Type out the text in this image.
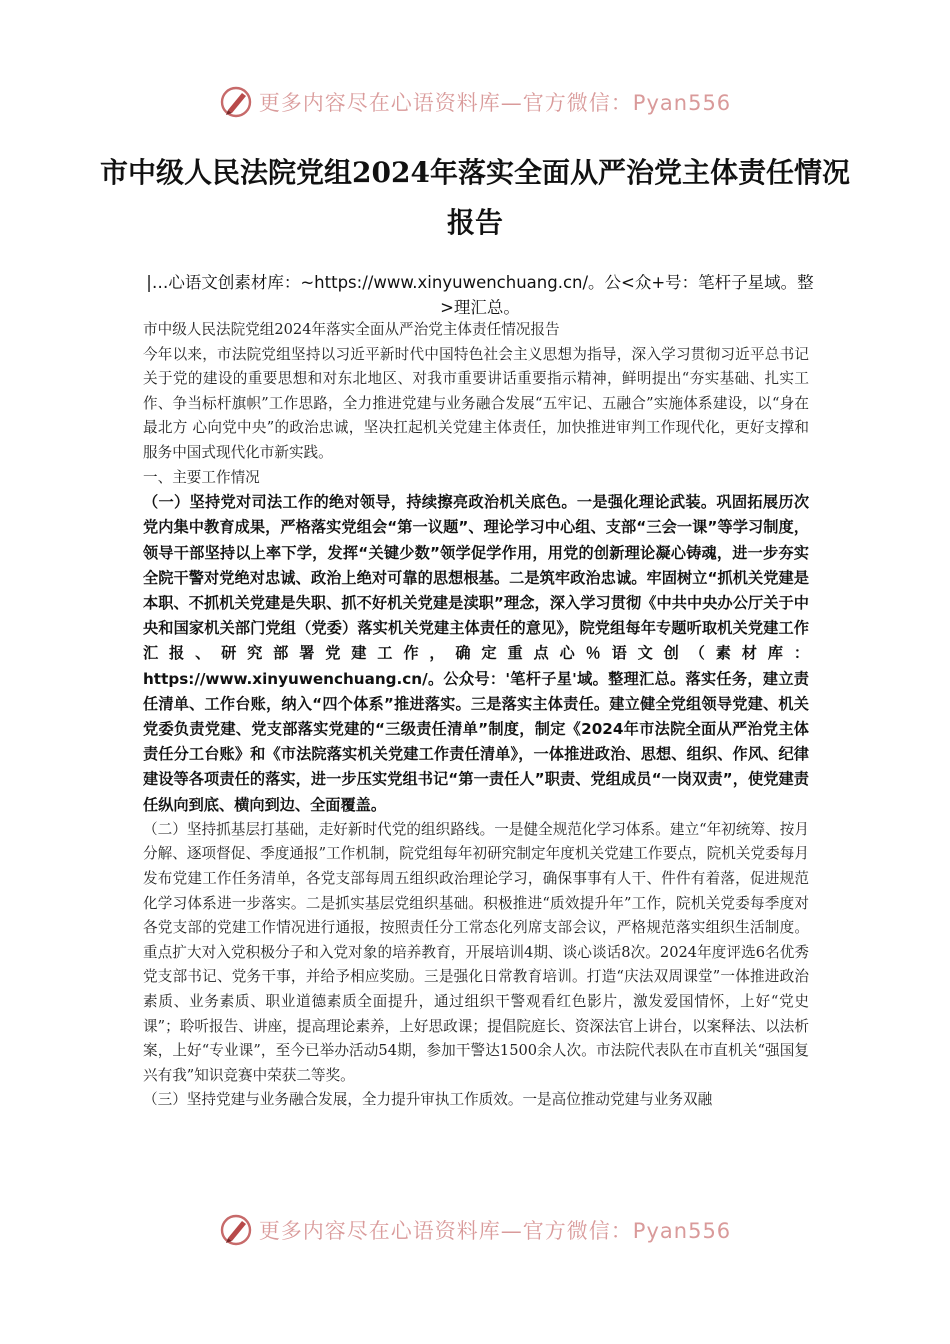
更多内容尽在心语资料库—官方微信：Pyan556
市中级人民法院党组2024年落实全面从严治党主体责任情况报告
|…心语文创素材库：~https://www.xinyuwenchuang.cn/。公<众+号：笔杆子星域。整>理汇总。

市中级人民法院党组2024年落实全面从严治党主体责任情况报告

今年以来，市法院党组坚持以习近平新时代中国特色社会主义思想为指导，深入学习贯彻习近平总书记关于党的建设的重要思想和对东北地区、对我市重要讲话重要指示精神，鲜明提出“夯实基础、扎实工作、争当标杆旗帜”工作思路，全力推进党建与业务融合发展“五牢记、五融合”实施体系建设，以“身在最北方 心向党中央”的政治忠诚，坚决扛起机关党建主体责任，加快推进审判工作现代化，更好支撑和服务中国式现代化市新实践。

一、主要工作情况

（一）坚持党对司法工作的绝对领导，持续擦亮政治机关底色。一是强化理论武装。巩固拓展历次党内集中教育成果，严格落实党组会“第一议题”、理论学习中心组、支部“三会一课”等学习制度，领导干部坚持以上率下学，发挥“关键少数”领学促学作用，用党的创新理论凝心铸魂，进一步夯实全院干警对党绝对忠诚、政治上绝对可靠的思想根基。二是筑牢政治忠诚。牢固树立“抓机关党建是本职、不抓机关党建是失职、抓不好机关党建是渎职”理念，深入学习贯彻《中共中央办公厅关于中央和国家机关部门党组（党委）落实机关党建主体责任的意见》，院党组每年专题听取机关党建工作汇报、研究部署党建工作，确定重点心％语文创（素材库：https://www.xinyuwenchuang.cn/。公众号：'笔杆子星'域。整理汇总。落实任务，建立责任清单、工作台账，纳入“四个体系”推进落实。三是落实主体责任。建立健全党组领导党建、机关党委负责党建、党支部落实党建的“三级责任清单”制度，制定《2024年市法院全面从严治党主体责任分工台账》和《市法院落实机关党建工作责任清单》，一体推进政治、思想、组织、作风、纪律建设等各项责任的落实，进一步压实党组书记“第一责任人”职责、党组成员“一岗双责”，使党建责任纵向到底、横向到边、全面覆盖。

（二）坚持抓基层打基础，走好新时代党的组织路线。一是健全规范化学习体系。建立“年初统筹、按月分解、逐项督促、季度通报”工作机制，院党组每年初研究制定年度机关党建工作要点，院机关党委每月发布党建工作任务清单，各党支部每周五组织政治理论学习，确保事事有人干、件件有着落，促进规范化学习体系进一步落实。二是抓实基层党组织基础。积极推进“质效提升年”工作，院机关党委每季度对各党支部的党建工作情况进行通报，按照责任分工常态化列席支部会议，严格规范落实组织生活制度。重点扩大对入党积极分子和入党对象的培养教育，开展培训4期、谈心谈话8次。2024年度评选6名优秀党支部书记、党务干事，并给予相应奖励。三是强化日常教育培训。打造“庆法双周课堂”一体推进政治素质、业务素质、职业道德素质全面提升，通过组织干警观看红色影片，激发爱国情怀，上好“党史课”；聆听报告、讲座，提高理论素养，上好思政课；提倡院庭长、资深法官上讲台，以案释法、以法析案，上好“专业课”，至今已举办活动54期，参加干警达1500余人次。市法院代表队在市直机关“强国复兴有我”知识竞赛中荣获二等奖。

（三）坚持党建与业务融合发展，全力提升审执工作质效。一是高位推动党建与业务双融

更多内容尽在心语资料库—官方微信：Pyan556
